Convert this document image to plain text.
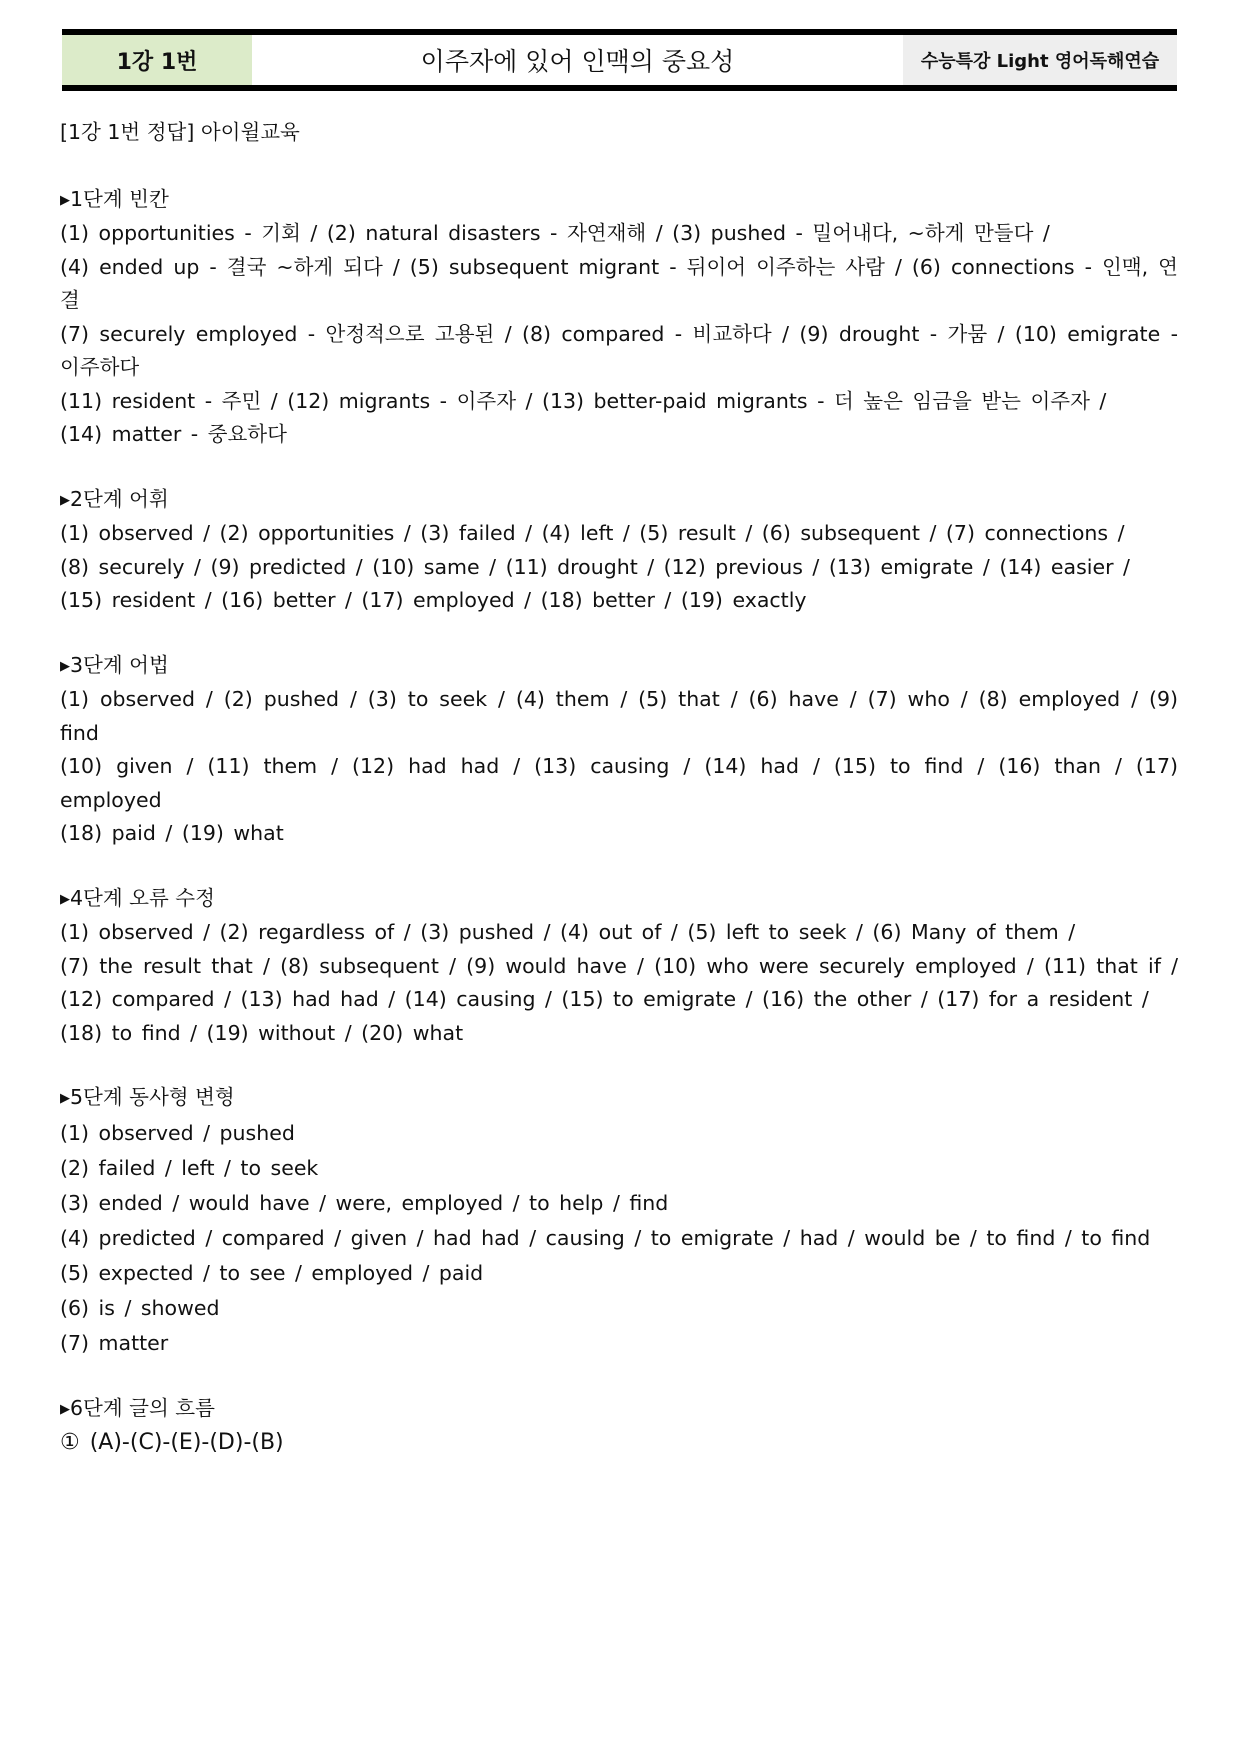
1강 1번	이주자에 있어 인맥의 중요성	수능특강 Light 영어독해연습
[1강 1번 정답] 아이윌교육
▶1단계 빈칸
(1) opportunities - 기회 / (2) natural disasters - 자연재해 / (3) pushed - 밀어내다, ~하게 만들다 /
(4) ended up - 결국 ~하게 되다 / (5) subsequent migrant - 뒤이어 이주하는 사람 / (6) connections - 인맥, 연결
(7) securely employed - 안정적으로 고용된 / (8) compared - 비교하다 / (9) drought - 가뭄 / (10) emigrate - 이주하다
(11) resident - 주민 / (12) migrants - 이주자 / (13) better-paid migrants - 더 높은 임금을 받는 이주자 /
(14) matter - 중요하다
▶2단계 어휘
(1) observed / (2) opportunities / (3) failed / (4) left / (5) result / (6) subsequent / (7) connections /
(8) securely / (9) predicted / (10) same / (11) drought / (12) previous / (13) emigrate / (14) easier /
(15) resident / (16) better / (17) employed / (18) better / (19) exactly
▶3단계 어법
(1) observed / (2) pushed / (3) to seek / (4) them / (5) that / (6) have / (7) who / (8) employed / (9) find
(10) given / (11) them / (12) had had / (13) causing / (14) had / (15) to find / (16) than / (17) employed
(18) paid / (19) what
▶4단계 오류 수정
(1) observed / (2) regardless of / (3) pushed / (4) out of / (5) left to seek / (6) Many of them /
(7) the result that / (8) subsequent / (9) would have / (10) who were securely employed / (11) that if /
(12) compared / (13) had had / (14) causing / (15) to emigrate / (16) the other / (17) for a resident /
(18) to find / (19) without / (20) what
▶5단계 동사형 변형
(1) observed / pushed
(2) failed / left / to seek
(3) ended / would have / were, employed / to help / find
(4) predicted / compared / given / had had / causing / to emigrate / had / would be / to find / to find
(5) expected / to see / employed / paid
(6) is / showed
(7) matter
▶6단계 글의 흐름
① (A)-(C)-(E)-(D)-(B)
